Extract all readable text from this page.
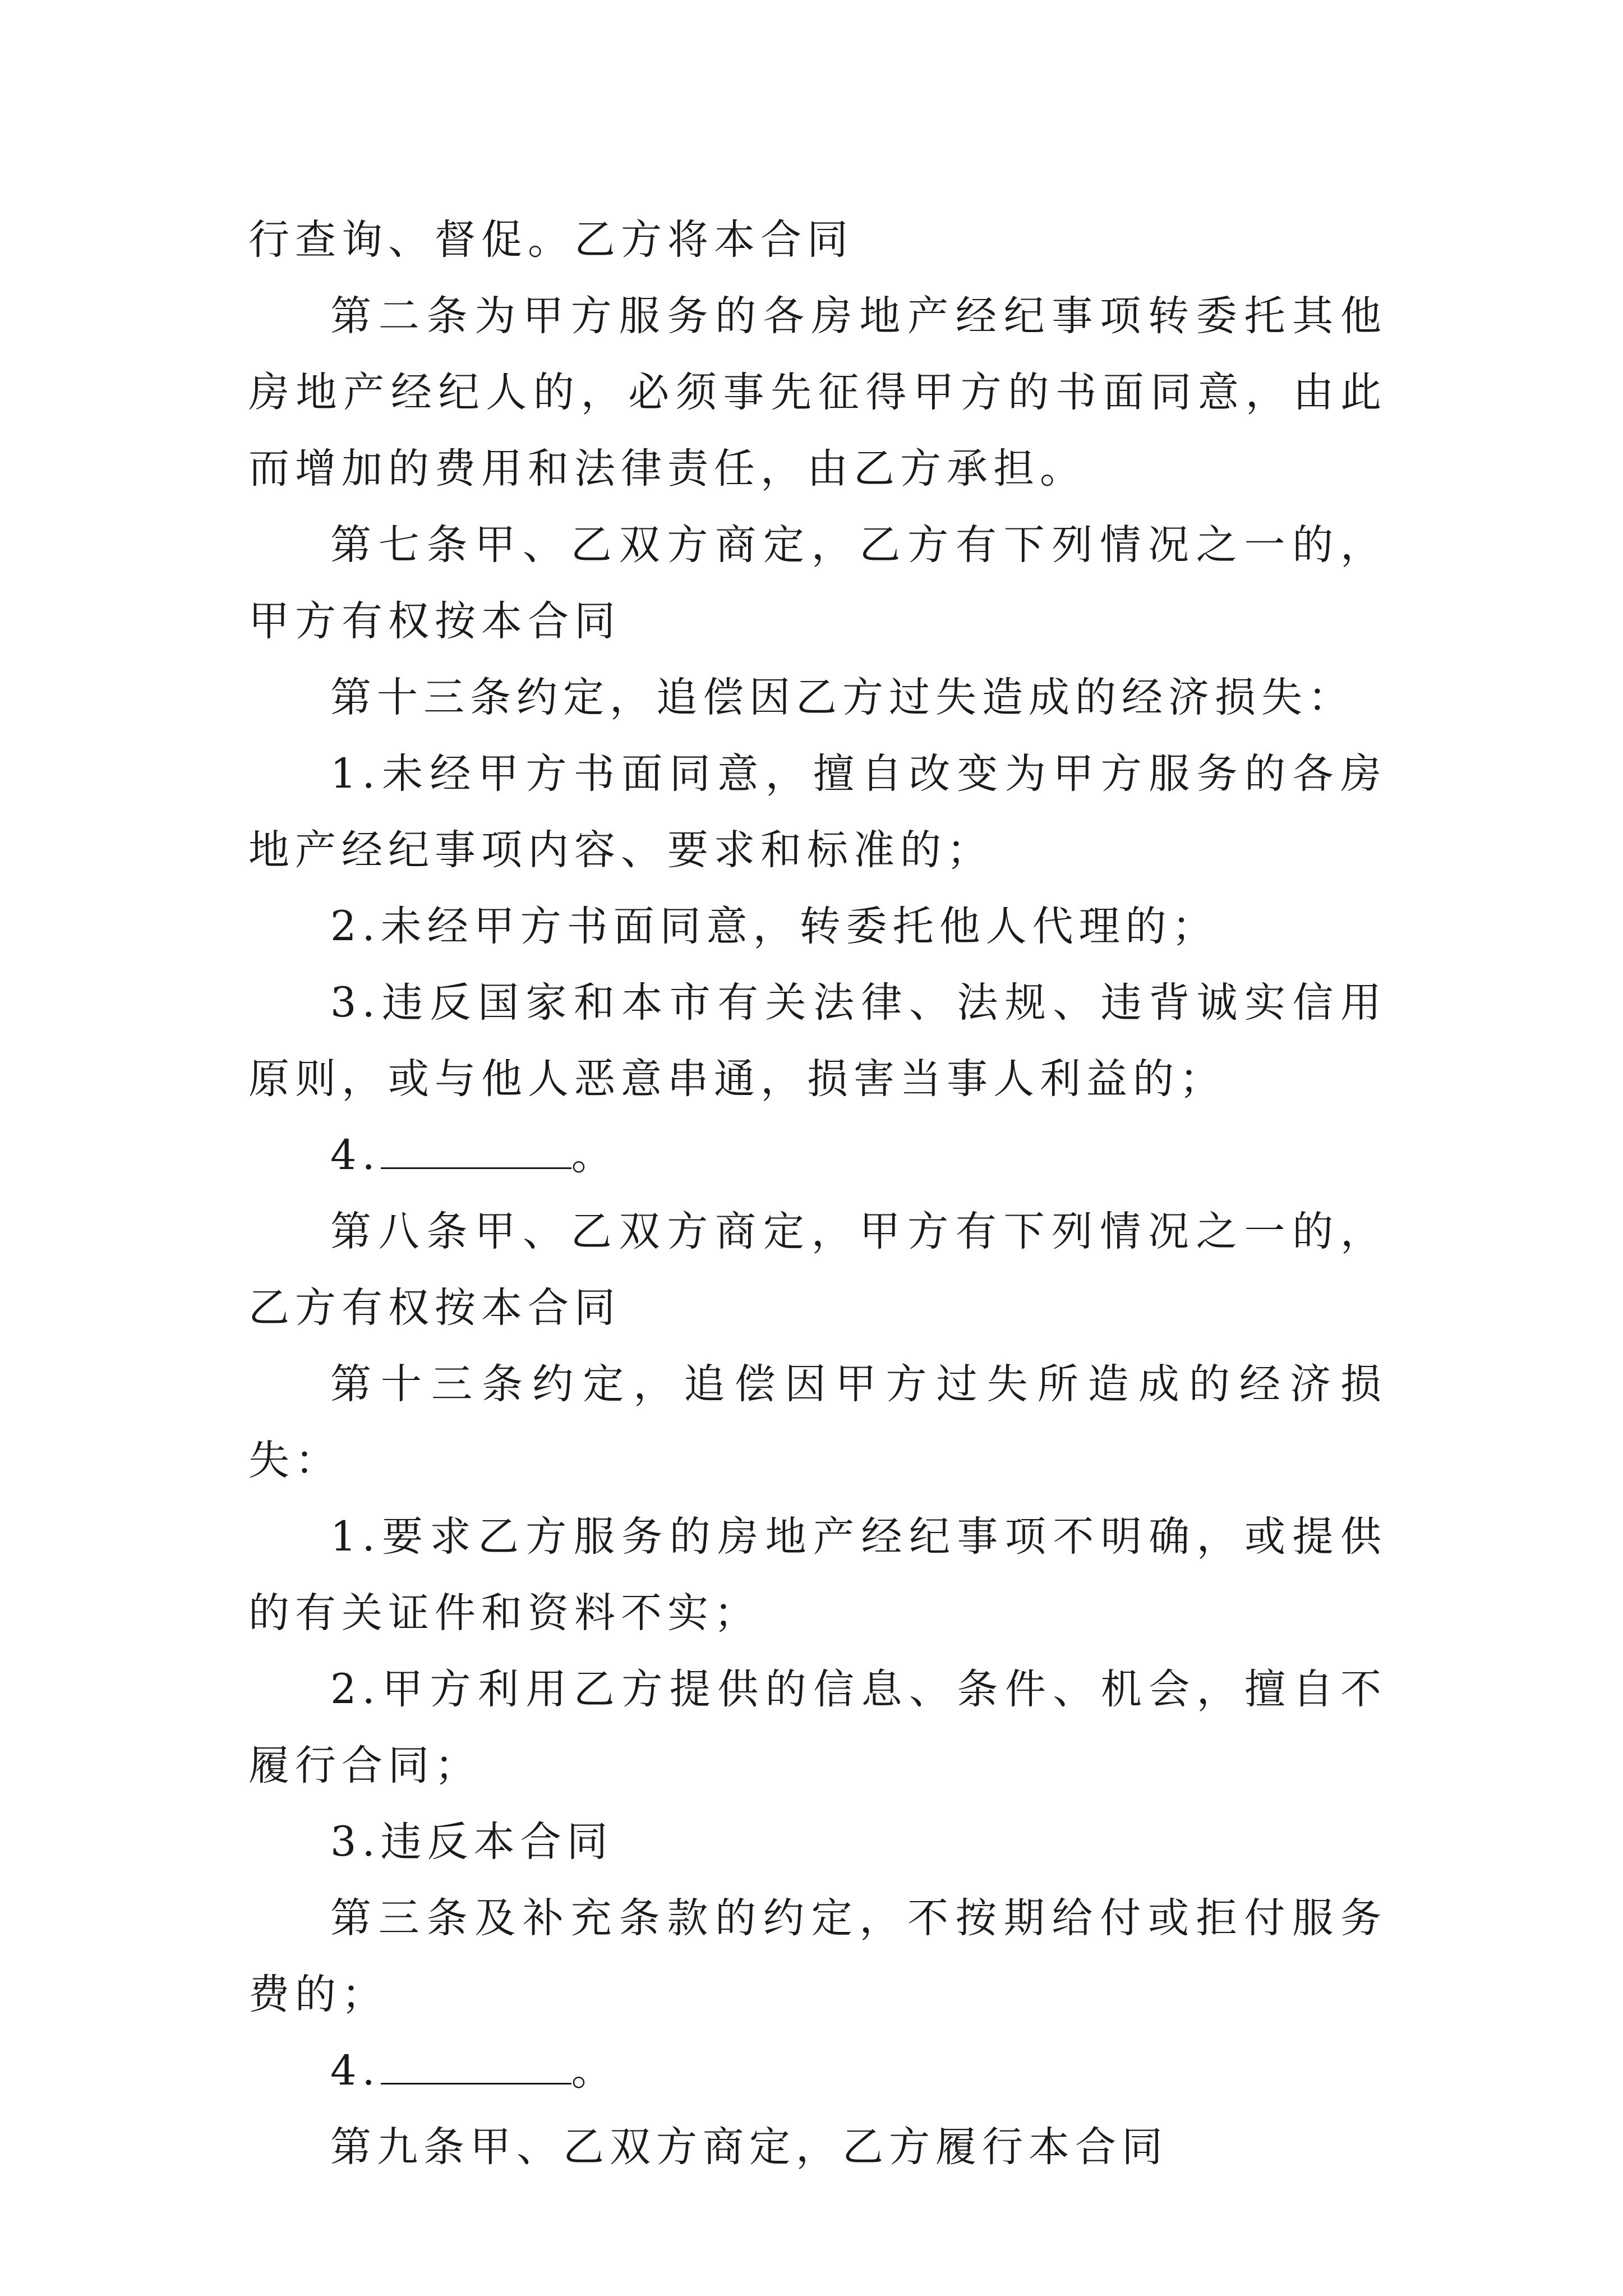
行查询、督促。乙方将本合同

第二条为甲方服务的各房地产经纪事项转委托其他房地产经纪人的，必须事先征得甲方的书面同意，由此而增加的费用和法律责任，由乙方承担。

第七条甲、乙双方商定，乙方有下列情况之一的，甲方有权按本合同

第十三条约定，追偿因乙方过失造成的经济损失：

1.未经甲方书面同意，擅自改变为甲方服务的各房地产经纪事项内容、要求和标准的；

2.未经甲方书面同意，转委托他人代理的；

3.违反国家和本市有关法律、法规、违背诚实信用原则，或与他人恶意串通，损害当事人利益的；

4.	。

第八条甲、乙双方商定，甲方有下列情况之一的，乙方有权按本合同

第十三条约定，追偿因甲方过失所造成的经济损失：

1.要求乙方服务的房地产经纪事项不明确，或提供的有关证件和资料不实；

2.甲方利用乙方提供的信息、条件、机会，擅自不履行合同；

3.违反本合同

第三条及补充条款的约定，不按期给付或拒付服务费的；

4.	。

第九条甲、乙双方商定，乙方履行本合同
